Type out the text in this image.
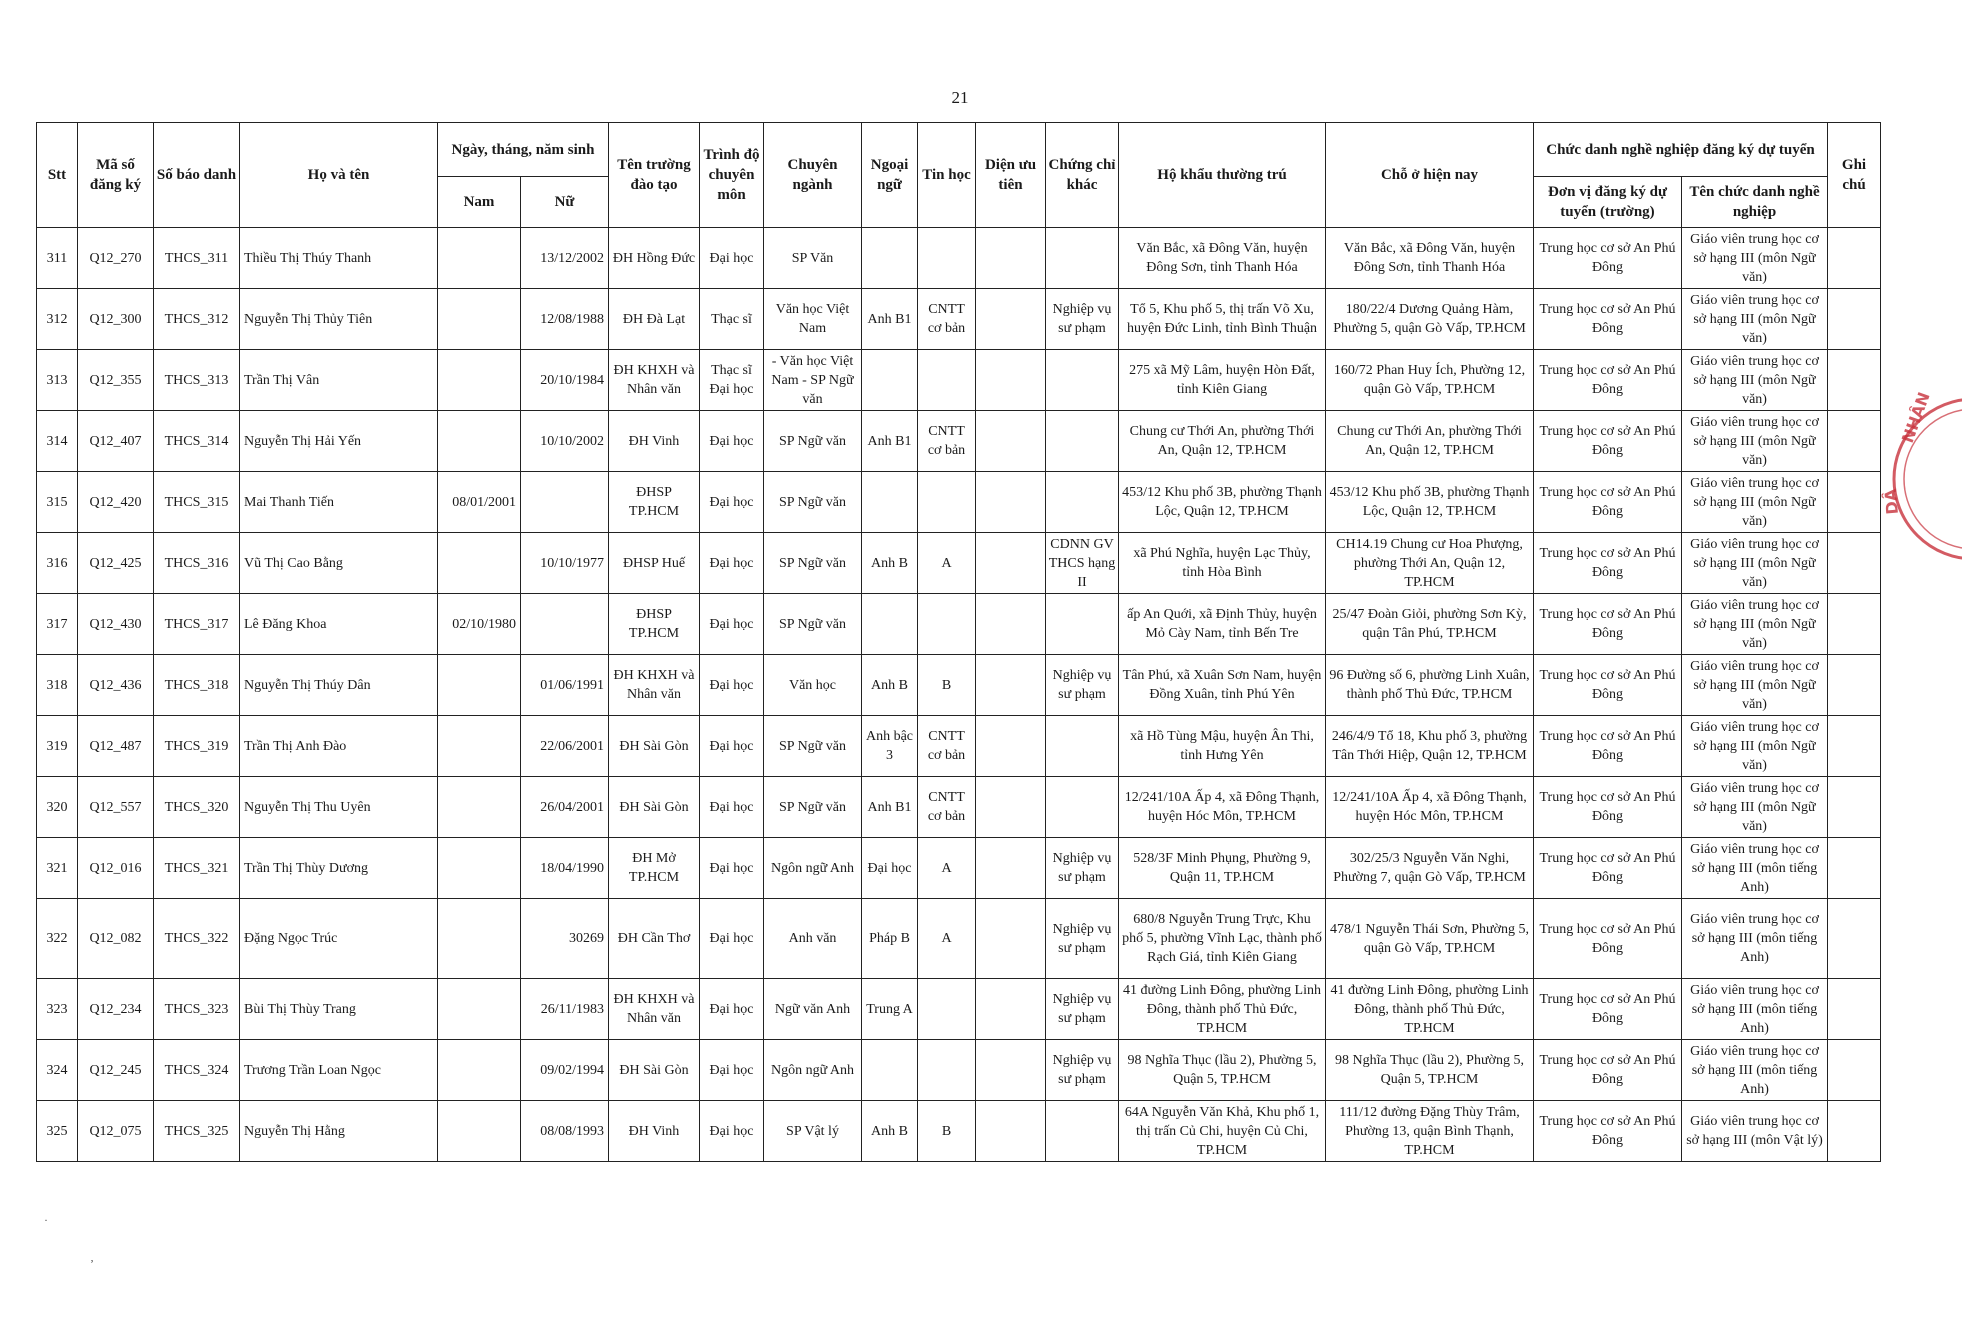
21
Stt	Mã số đăng ký	Số báo danh	Họ và tên	Ngày, tháng, năm sinh		Tên trường đào tạo	Trình độ chuyên môn	Chuyên ngành	Ngoại ngữ	Tin học	Diện ưu tiên	Chứng chỉ khác	Hộ khẩu thường trú	Chỗ ở hiện nay	Chức danh nghề nghiệp đăng ký dự tuyển		Ghi chú
				Nam	Nữ										Đơn vị đăng ký dự tuyển (trường)	Tên chức danh nghề nghiệp	
311	Q12_270	THCS_311	Thiều Thị Thúy Thanh		13/12/2002	ĐH Hồng Đức	Đại học	SP Văn					Văn Bắc, xã Đông Văn, huyện Đông Sơn, tỉnh Thanh Hóa	Văn Bắc, xã Đông Văn, huyện Đông Sơn, tỉnh Thanh Hóa	Trung học cơ sở An Phú Đông	Giáo viên trung học cơ sở hạng III (môn Ngữ văn)	
312	Q12_300	THCS_312	Nguyễn Thị Thủy Tiên		12/08/1988	ĐH Đà Lạt	Thạc sĩ	Văn học Việt Nam	Anh B1	CNTT cơ bản		Nghiệp vụ sư phạm	Tổ 5, Khu phố 5, thị trấn Võ Xu, huyện Đức Linh, tỉnh Bình Thuận	180/22/4 Dương Quảng Hàm, Phường 5, quận Gò Vấp, TP.HCM	Trung học cơ sở An Phú Đông	Giáo viên trung học cơ sở hạng III (môn Ngữ văn)	
313	Q12_355	THCS_313	Trần Thị Vân		20/10/1984	ĐH KHXH và Nhân văn	Thạc sĩ Đại học	- Văn học Việt Nam - SP Ngữ văn					275 xã Mỹ Lâm, huyện Hòn Đất, tỉnh Kiên Giang	160/72 Phan Huy Ích, Phường 12, quận Gò Vấp, TP.HCM	Trung học cơ sở An Phú Đông	Giáo viên trung học cơ sở hạng III (môn Ngữ văn)	
314	Q12_407	THCS_314	Nguyễn Thị Hải Yến		10/10/2002	ĐH Vinh	Đại học	SP Ngữ văn	Anh B1	CNTT cơ bản			Chung cư Thới An, phường Thới An, Quận 12, TP.HCM	Chung cư Thới An, phường Thới An, Quận 12, TP.HCM	Trung học cơ sở An Phú Đông	Giáo viên trung học cơ sở hạng III (môn Ngữ văn)	
315	Q12_420	THCS_315	Mai Thanh Tiến	08/01/2001		ĐHSP TP.HCM	Đại học	SP Ngữ văn					453/12 Khu phố 3B, phường Thạnh Lộc, Quận 12, TP.HCM	453/12 Khu phố 3B, phường Thạnh Lộc, Quận 12, TP.HCM	Trung học cơ sở An Phú Đông	Giáo viên trung học cơ sở hạng III (môn Ngữ văn)	
316	Q12_425	THCS_316	Vũ Thị Cao Bằng		10/10/1977	ĐHSP Huế	Đại học	SP Ngữ văn	Anh B	A		CDNN GV THCS hạng II	xã Phú Nghĩa, huyện Lạc Thủy, tỉnh Hòa Bình	CH14.19 Chung cư Hoa Phượng, phường Thới An, Quận 12, TP.HCM	Trung học cơ sở An Phú Đông	Giáo viên trung học cơ sở hạng III (môn Ngữ văn)	
317	Q12_430	THCS_317	Lê Đăng Khoa	02/10/1980		ĐHSP TP.HCM	Đại học	SP Ngữ văn					ấp An Quới, xã Định Thủy, huyện Mỏ Cày Nam, tỉnh Bến Tre	25/47 Đoàn Giỏi, phường Sơn Kỳ, quận Tân Phú, TP.HCM	Trung học cơ sở An Phú Đông	Giáo viên trung học cơ sở hạng III (môn Ngữ văn)	
318	Q12_436	THCS_318	Nguyễn Thị Thúy Dân		01/06/1991	ĐH KHXH và Nhân văn	Đại học	Văn học	Anh B	B		Nghiệp vụ sư phạm	Tân Phú, xã Xuân Sơn Nam, huyện Đồng Xuân, tỉnh Phú Yên	96 Đường số 6, phường Linh Xuân, thành phố Thủ Đức, TP.HCM	Trung học cơ sở An Phú Đông	Giáo viên trung học cơ sở hạng III (môn Ngữ văn)	
319	Q12_487	THCS_319	Trần Thị Anh Đào		22/06/2001	ĐH Sài Gòn	Đại học	SP Ngữ văn	Anh bậc 3	CNTT cơ bản			xã Hồ Tùng Mậu, huyện Ân Thi, tỉnh Hưng Yên	246/4/9 Tổ 18, Khu phố 3, phường Tân Thới Hiệp, Quận 12, TP.HCM	Trung học cơ sở An Phú Đông	Giáo viên trung học cơ sở hạng III (môn Ngữ văn)	
320	Q12_557	THCS_320	Nguyễn Thị Thu Uyên		26/04/2001	ĐH Sài Gòn	Đại học	SP Ngữ văn	Anh B1	CNTT cơ bản			12/241/10A Ấp 4, xã Đông Thạnh, huyện Hóc Môn, TP.HCM	12/241/10A Ấp 4, xã Đông Thạnh, huyện Hóc Môn, TP.HCM	Trung học cơ sở An Phú Đông	Giáo viên trung học cơ sở hạng III (môn Ngữ văn)	
321	Q12_016	THCS_321	Trần Thị Thùy Dương		18/04/1990	ĐH Mở TP.HCM	Đại học	Ngôn ngữ Anh	Đại học	A		Nghiệp vụ sư phạm	528/3F Minh Phụng, Phường 9, Quận 11, TP.HCM	302/25/3 Nguyễn Văn Nghi, Phường 7, quận Gò Vấp, TP.HCM	Trung học cơ sở An Phú Đông	Giáo viên trung học cơ sở hạng III (môn tiếng Anh)	
322	Q12_082	THCS_322	Đặng Ngọc Trúc		30269	ĐH Cần Thơ	Đại học	Anh văn	Pháp B	A		Nghiệp vụ sư phạm	680/8 Nguyễn Trung Trực, Khu phố 5, phường Vĩnh Lạc, thành phố Rạch Giá, tỉnh Kiên Giang	478/1 Nguyễn Thái Sơn, Phường 5, quận Gò Vấp, TP.HCM	Trung học cơ sở An Phú Đông	Giáo viên trung học cơ sở hạng III (môn tiếng Anh)	
323	Q12_234	THCS_323	Bùi Thị Thùy Trang		26/11/1983	ĐH KHXH và Nhân văn	Đại học	Ngữ văn Anh	Trung A			Nghiệp vụ sư phạm	41 đường Linh Đông, phường Linh Đông, thành phố Thủ Đức, TP.HCM	41 đường Linh Đông, phường Linh Đông, thành phố Thủ Đức, TP.HCM	Trung học cơ sở An Phú Đông	Giáo viên trung học cơ sở hạng III (môn tiếng Anh)	
324	Q12_245	THCS_324	Trương Trần Loan Ngọc		09/02/1994	ĐH Sài Gòn	Đại học	Ngôn ngữ Anh				Nghiệp vụ sư phạm	98 Nghĩa Thục (lầu 2), Phường 5, Quận 5, TP.HCM	98 Nghĩa Thục (lầu 2), Phường 5, Quận 5, TP.HCM	Trung học cơ sở An Phú Đông	Giáo viên trung học cơ sở hạng III (môn tiếng Anh)	
325	Q12_075	THCS_325	Nguyễn Thị Hằng		08/08/1993	ĐH Vinh	Đại học	SP Vật lý	Anh B	B			64A Nguyễn Văn Khả, Khu phố 1, thị trấn Củ Chi, huyện Củ Chi, TP.HCM	111/12 đường Đặng Thùy Trâm, Phường 13, quận Bình Thạnh, TP.HCM	Trung học cơ sở An Phú Đông	Giáo viên trung học cơ sở hạng III (môn Vật lý)	
NHÂN
DÂ
·
‚
